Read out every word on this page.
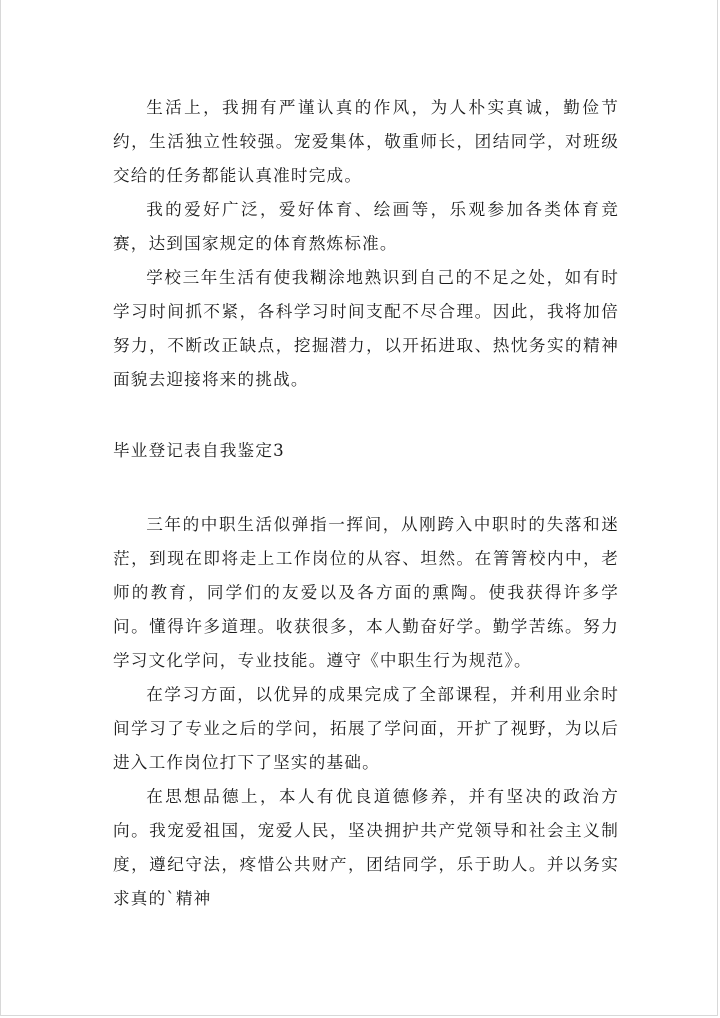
生活上，我拥有严谨认真的作风，为人朴实真诚，勤俭节约，生活独立性较强。宠爱集体，敬重师长，团结同学，对班级交给的任务都能认真准时完成。

我的爱好广泛，爱好体育、绘画等，乐观参加各类体育竞赛，达到国家规定的体育熬炼标准。

学校三年生活有使我糊涂地熟识到自己的不足之处，如有时学习时间抓不紧，各科学习时间支配不尽合理。因此，我将加倍努力，不断改正缺点，挖掘潜力，以开拓进取、热忱务实的精神面貌去迎接将来的挑战。

毕业登记表自我鉴定3

三年的中职生活似弹指一挥间，从刚跨入中职时的失落和迷茫，到现在即将走上工作岗位的从容、坦然。在箐箐校内中，老师的教育，同学们的友爱以及各方面的熏陶。使我获得许多学问。懂得许多道理。收获很多，本人勤奋好学。勤学苦练。努力学习文化学问，专业技能。遵守《中职生行为规范》。

在学习方面，以优异的成果完成了全部课程，并利用业余时间学习了专业之后的学问，拓展了学问面，开扩了视野，为以后进入工作岗位打下了坚实的基础。

在思想品德上，本人有优良道德修养，并有坚决的政治方向。我宠爱祖国，宠爱人民，坚决拥护共产党领导和社会主义制度，遵纪守法，疼惜公共财产，团结同学，乐于助人。并以务实求真的`精神
